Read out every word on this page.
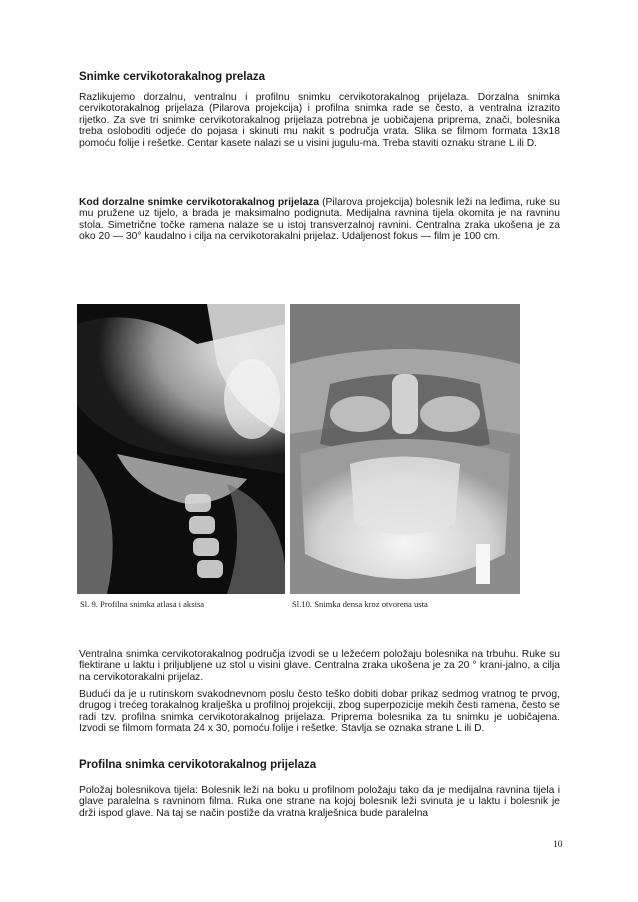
Snimke cervikotorakalnog prelaza

Razlikujemo dorzalnu, ventralnu i profilnu snimku cervikotorakalnog prijelaza. Dorzalna snimka cervikotorakalnog prijelaza (Pilarova projekcija) i profilna snimka rade se često, a ventralna izrazito rijetko. Za sve tri snimke cervikotorakalnog prijelaza potrebna je uobičajena priprema, znači, bolesnika treba osloboditi odjeće do pojasa i skinuti mu nakit s područja vrata. Slika se filmom formata 13x18 pomoću folije i rešetke. Centar kasete nalazi se u visini jugulu-ma. Treba staviti oznaku strane L ili D.

Kod dorzalne snimke cervikotorakalnog prijelaza (Pilarova projekcija) bolesnik leži na leđima, ruke su mu pružene uz tijelo, a brada je maksimalno podignuta. Medijalna ravnina tijela okomita je na ravninu stola. Simetrične točke ramena nalaze se u istoj transverzalnoj ravnini. Centralna zraka ukošena je za oko 20 — 30° kaudalno i cilja na cervikotorakalni prijelaz. Udaljenost fokus — film je 100 cm.

Sl. 9. Profilna snimka atlasa i aksisa	Sl.10. Snimka densa kroz otvorena usta

Ventralna snimka cervikotorakalnog područja izvodi se u ležećem položaju bolesnika na trbuhu. Ruke su flektirane u laktu i priljubljene uz stol u visini glave. Centralna zraka ukošena je za 20 ° krani-jalno, a cilja na cervikotorakalni prijelaz.

Budući da je u rutinskom svakodnevnom poslu često teško dobiti dobar prikaz sedmog vratnog te prvog, drugog i trećeg torakalnog kralješka u profilnoj projekciji, zbog superpozicije mekih česti ramena, često se radi tzv. profilna snimka cervikotorakalnog prijelaza. Priprema bolesnika za tu snimku je uobičajena. Izvodi se filmom formata 24 x 30, pomoću folije i rešetke. Stavlja se oznaka strane L ili D.

Profilna snimka cervikotorakalnog prijelaza

Položaj bolesnikova tijela: Bolesnik leži na boku u profilnom položaju tako da je medijalna ravnina tijela i glave paralelna s ravninom filma. Ruka one strane na kojoj bolesnik leži svinuta je u laktu i bolesnik je drži ispod glave. Na taj se način postiže da vratna kralješnica bude paralelna

10
